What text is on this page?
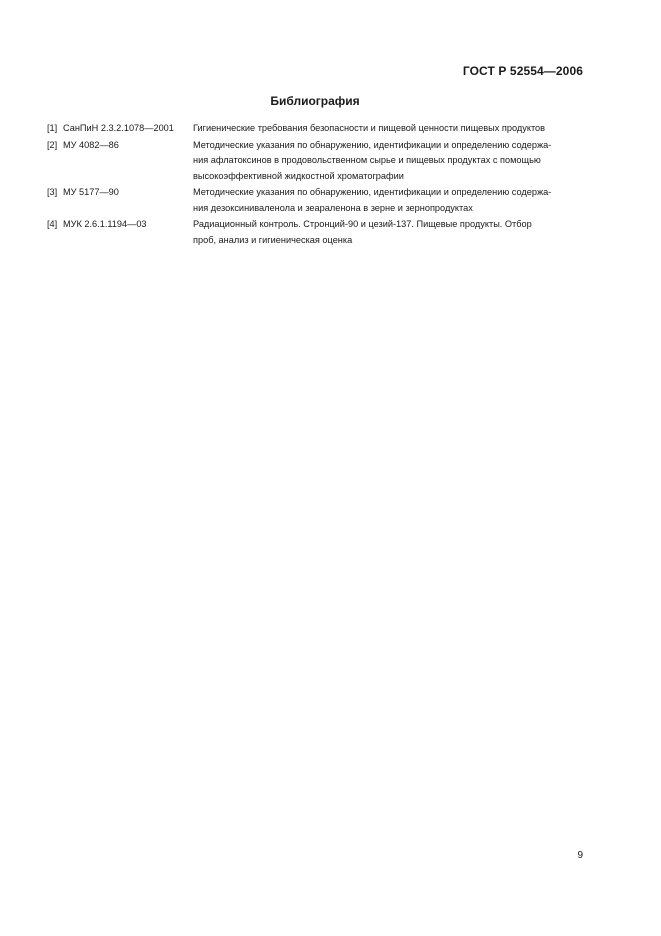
ГОСТ Р 52554—2006
Библиография
[1] СанПиН 2.3.2.1078—2001	Гигиенические требования безопасности и пищевой ценности пищевых продуктов
[2] МУ 4082—86	Методические указания по обнаружению, идентификации и определению содержа-
ния афлатоксинов в продовольственном сырье и пищевых продуктах с помощью
высокоэффективной жидкостной хроматографии
[3] МУ 5177—90	Методические указания по обнаружению, идентификации и определению содержа-
ния дезоксиниваленола и зеараленона в зерне и зернопродуктах
[4] МУК 2.6.1.1194—03	Радиационный контроль. Стронций-90 и цезий-137. Пищевые продукты. Отбор
проб, анализ и гигиеническая оценка
9
